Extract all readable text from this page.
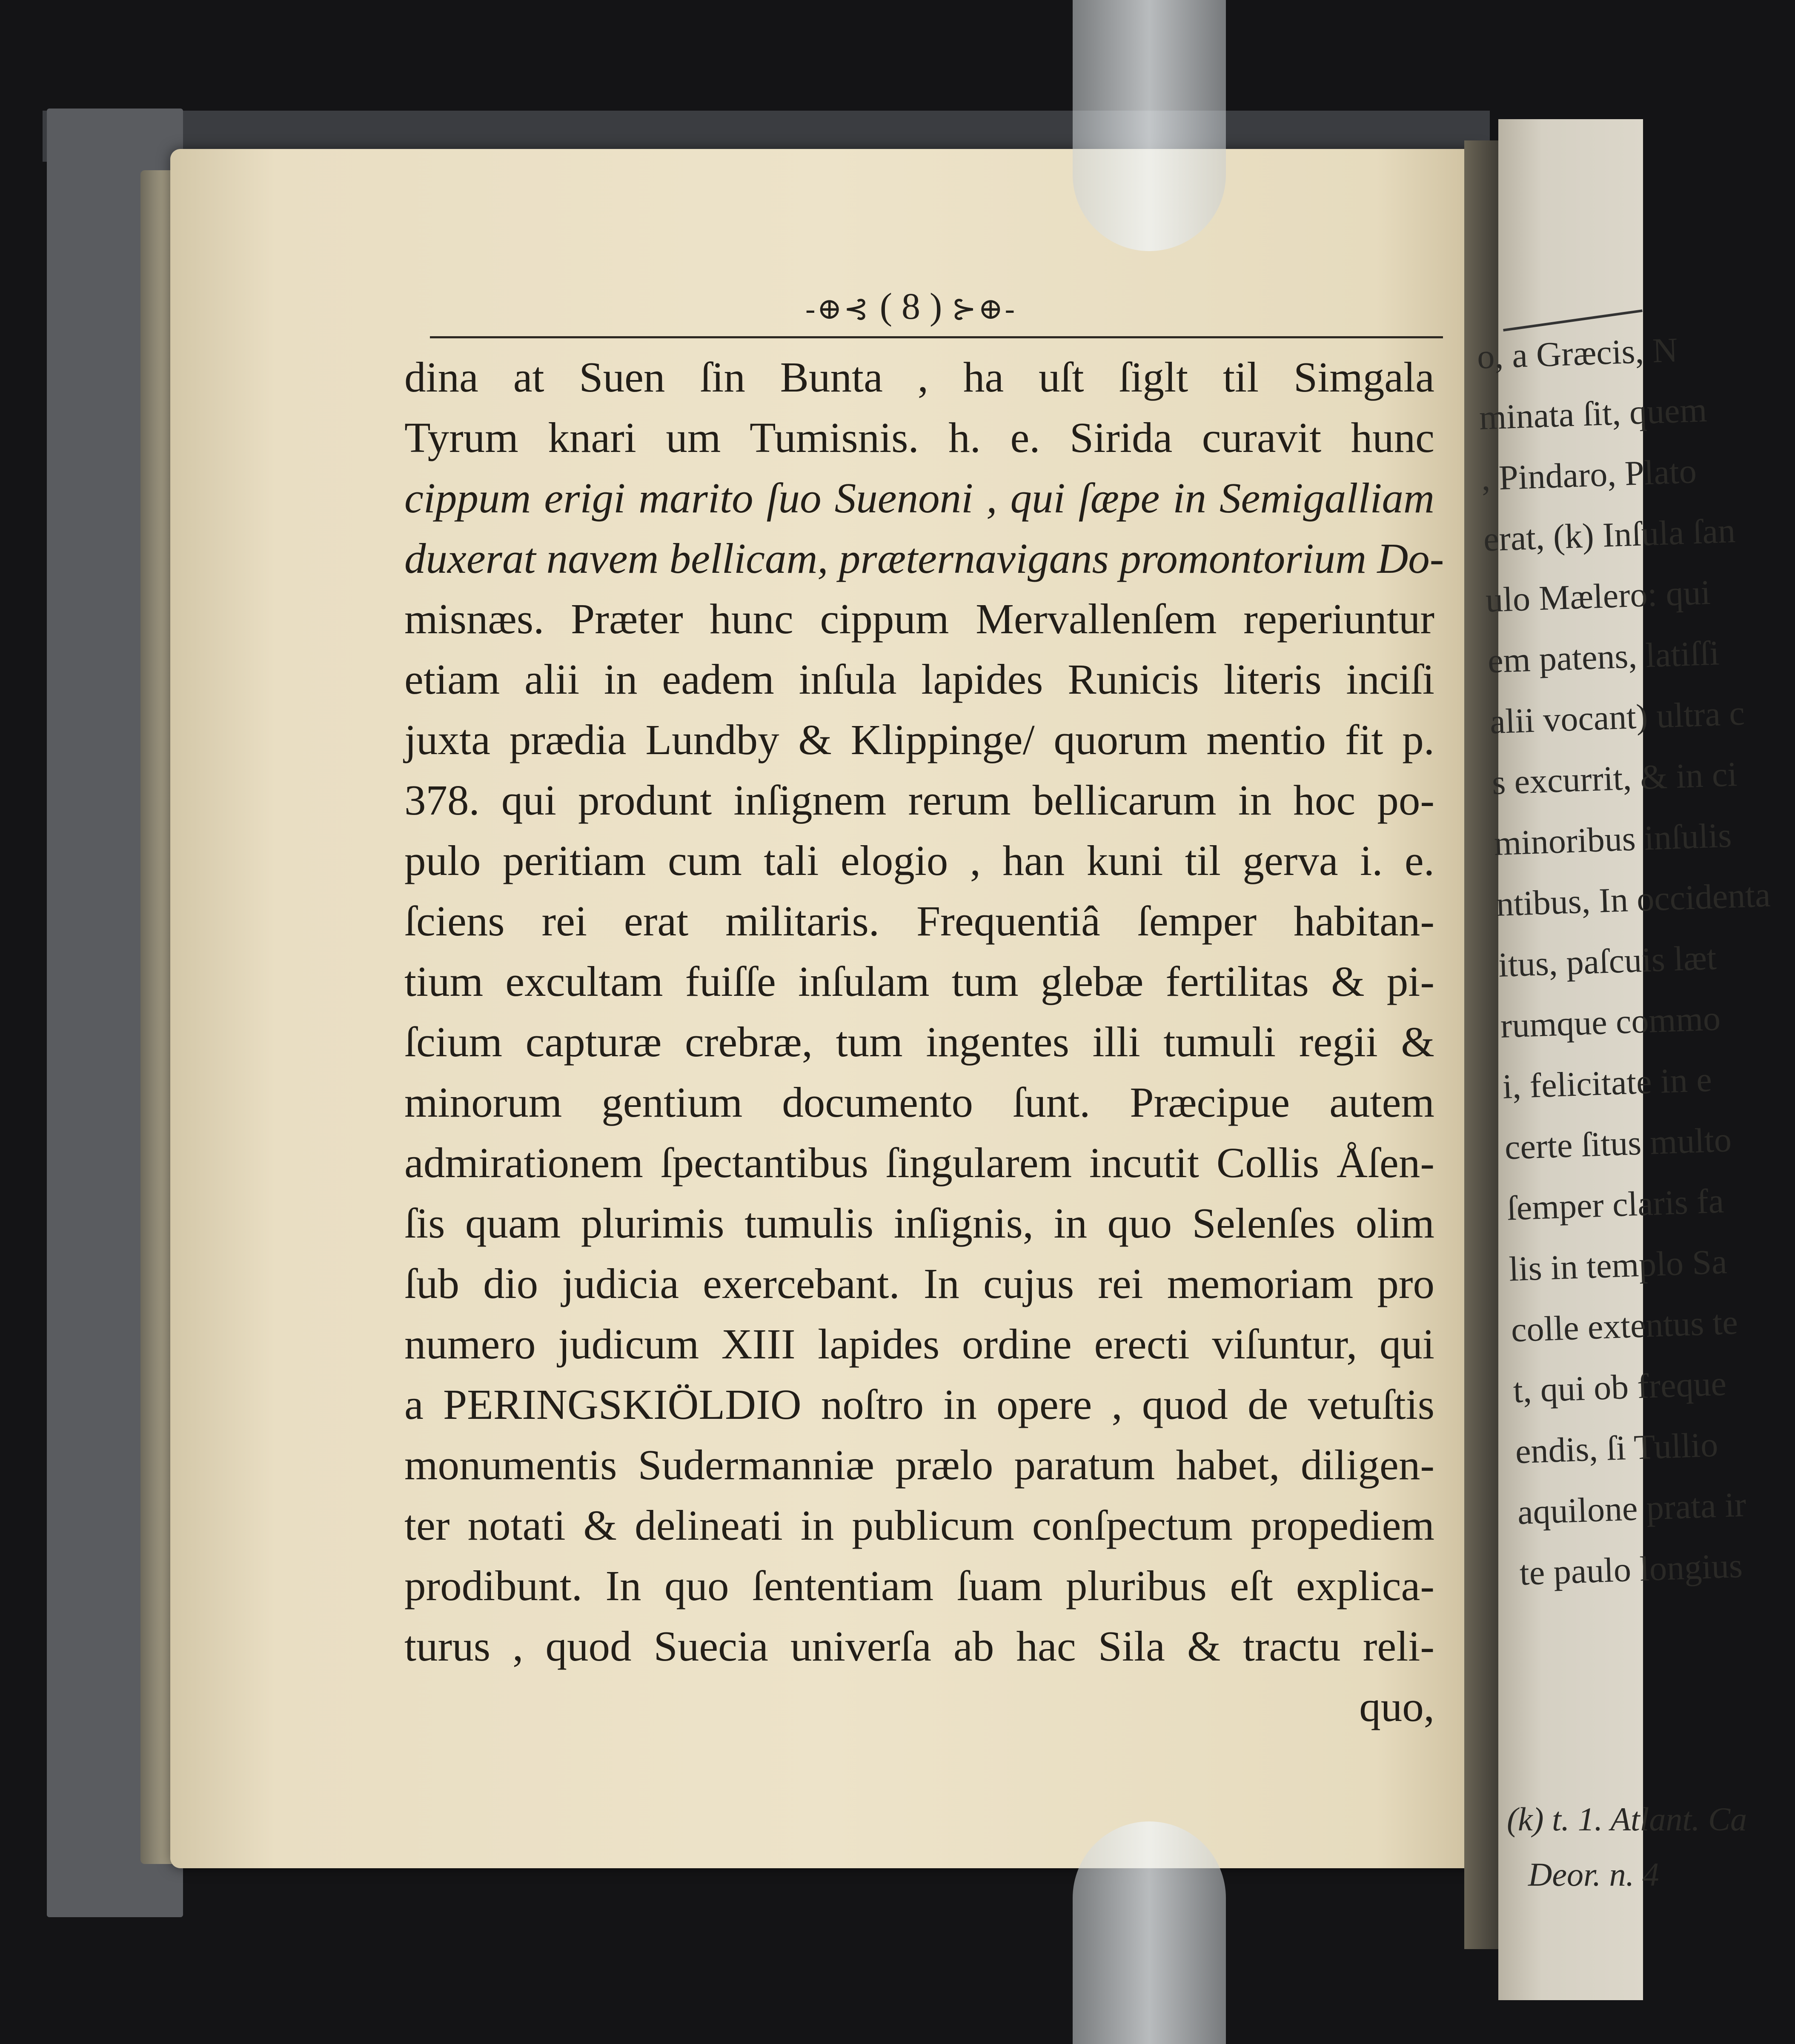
o, a Græcis, N
minata ſit, quem
, Pindaro, Plato
erat, (k) Inſula ſan
ulo Mælero: qui
em patens, latiſſi
alii vocant) ultra c
s excurrit, & in ci
minoribus inſulis
ntibus, In occidenta
itus, paſcuis læt
rumque commo
i, felicitate in e
certe ſitus multo
ſemper claris fa
lis in templo Sa
colle extentus te
t, qui ob freque
endis, ſi Tullio
aquilone prata ir
te paulo longius
(k) t. 1. Atlant. Ca
Deor. n. 4
-⊕⊰ ( 8 ) ⊱⊕-
dina at Suen ſin Bunta , ha uſt ſiglt til Simgala
Tyrum knari um Tumisnis. h. e. Sirida curavit hunc
cippum erigi marito ſuo Suenoni , qui ſæpe in Semigalliam
duxerat navem bellicam, præternavigans promontorium Do-
misnæs. Præter hunc cippum Mervallenſem reperiuntur
etiam alii in eadem inſula lapides Runicis literis inciſi
juxta prædia Lundby & Klippinge/ quorum mentio fit p.
378. qui produnt inſignem rerum bellicarum in hoc po-
pulo peritiam cum tali elogio , han kuni til gerva i. e.
ſciens rei erat militaris. Frequentiâ ſemper habitan-
tium excultam fuiſſe inſulam tum glebæ fertilitas & pi-
ſcium capturæ crebræ, tum ingentes illi tumuli regii &
minorum gentium documento ſunt. Præcipue autem
admirationem ſpectantibus ſingularem incutit Collis Åſen-
ſis quam plurimis tumulis inſignis, in quo Selenſes olim
ſub dio judicia exercebant. In cujus rei memoriam pro
numero judicum XIII lapides ordine erecti viſuntur, qui
a PERINGSKIÖLDIO noſtro in opere , quod de vetuſtis
monumentis Sudermanniæ prælo paratum habet, diligen-
ter notati & delineati in publicum conſpectum propediem
prodibunt. In quo ſententiam ſuam pluribus eſt explica-
turus , quod Suecia univerſa ab hac Sila & tractu reli-
quo,
